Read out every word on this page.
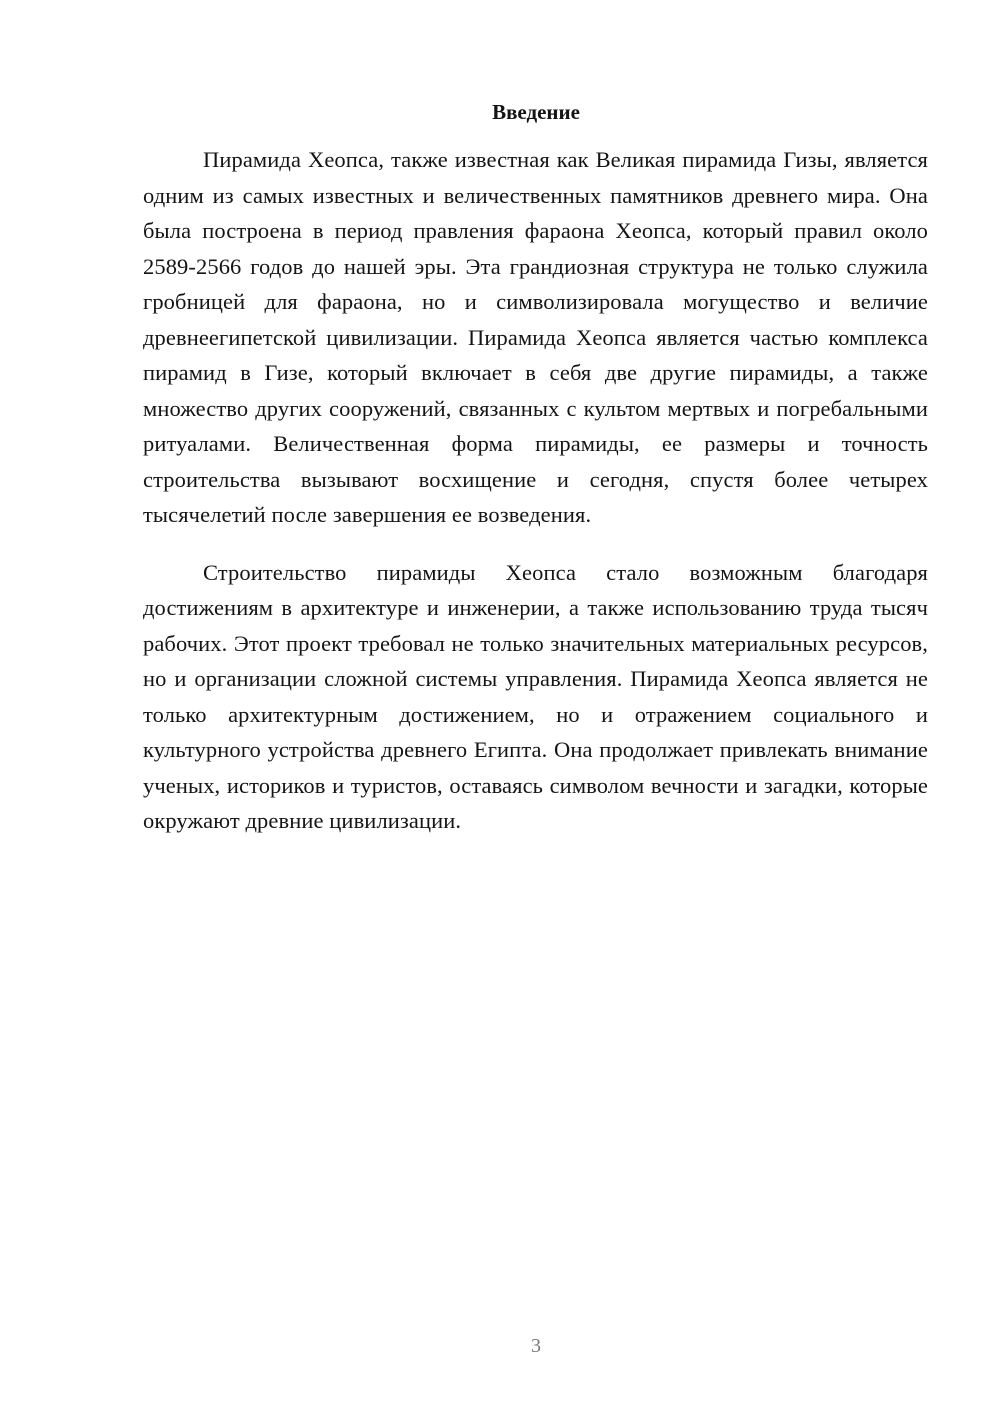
Введение

Пирамида Хеопса, также известная как Великая пирамида Гизы, является одним из самых известных и величественных памятников древнего мира. Она была построена в период правления фараона Хеопса, который правил около 2589-2566 годов до нашей эры. Эта грандиозная структура не только служила гробницей для фараона, но и символизировала могущество и величие древнеегипетской цивилизации. Пирамида Хеопса является частью комплекса пирамид в Гизе, который включает в себя две другие пирамиды, а также множество других сооружений, связанных с культом мертвых и погребальными ритуалами. Величественная форма пирамиды, ее размеры и точность строительства вызывают восхищение и сегодня, спустя более четырех тысячелетий после завершения ее возведения.

Строительство пирамиды Хеопса стало возможным благодаря достижениям в архитектуре и инженерии, а также использованию труда тысяч рабочих. Этот проект требовал не только значительных материальных ресурсов, но и организации сложной системы управления. Пирамида Хеопса является не только архитектурным достижением, но и отражением социального и культурного устройства древнего Египта. Она продолжает привлекать внимание ученых, историков и туристов, оставаясь символом вечности и загадки, которые окружают древние цивилизации.

3
